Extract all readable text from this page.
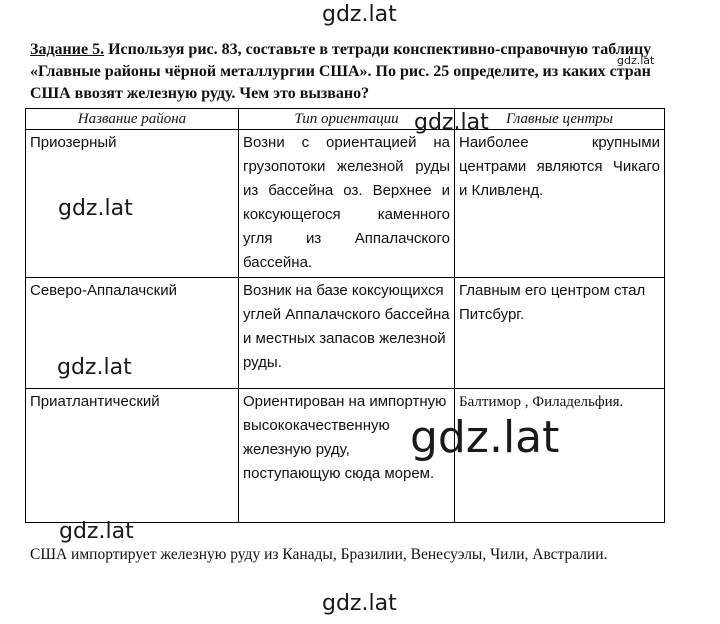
gdz.lat
gdz.lat
Задание 5. Используя рис. 83, составьте в тетради конспективно-справочную таблицу «Главные районы чёрной металлургии США». По рис. 25 определите, из каких стран США ввозят железную руду. Чем это вызвано?
Название района	Тип ориентации	Главные центры
Приозерный	Возни с ориентацией на грузопотоки железной руды из бассейна оз. Верхнее и коксующегося каменного угля из Аппалачского бассейна.	Наиболее крупными центрами являются Чикаго и Кливленд.
Северо-Аппалачский	Возник на базе коксующихся углей Аппалачского бассейна и местных запасов железной руды.	Главным его центром стал Питсбург.
Приатлантический	Ориентирован на импортную высококачественную железную руду, поступающую сюда морем.	Балтимор , Филадельфия.
gdz.lat
gdz.lat
gdz.lat
gdz.lat
gdz.lat
США импортирует железную руду из Канады, Бразилии, Венесуэлы, Чили, Австралии.
gdz.lat
